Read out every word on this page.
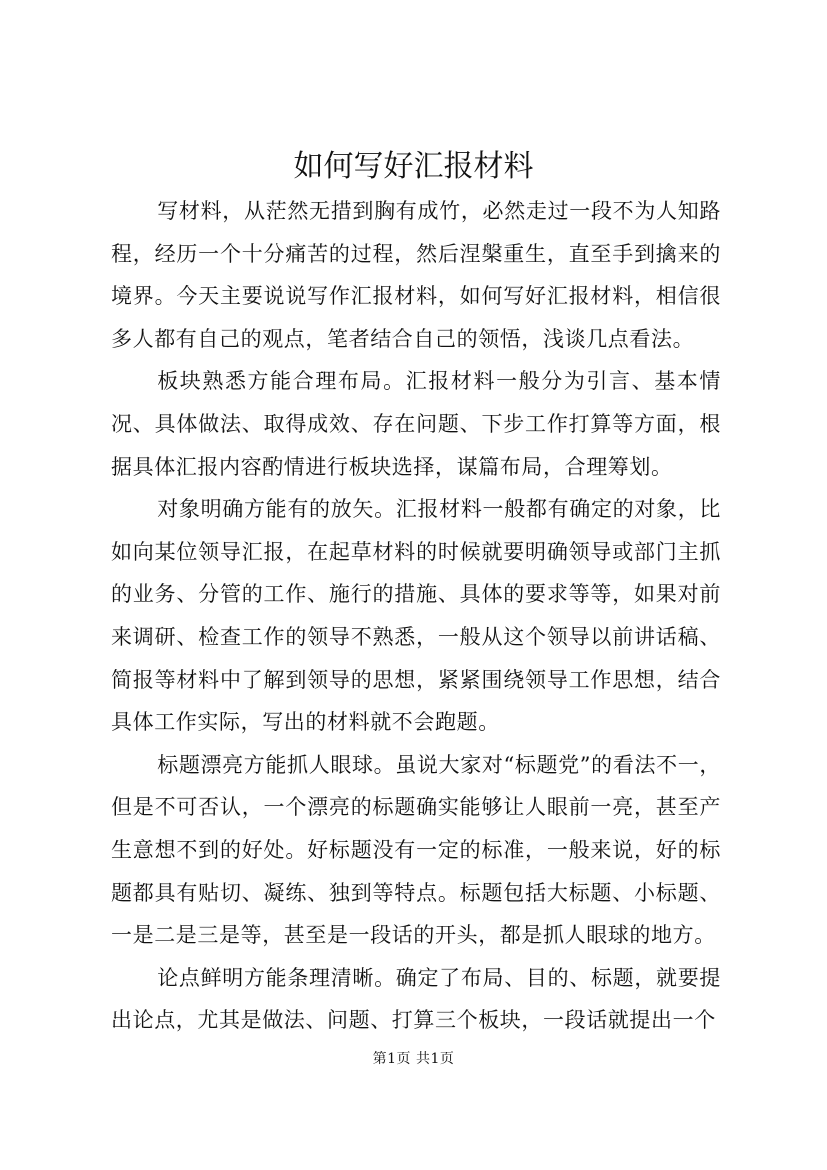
如何写好汇报材料

写材料，从茫然无措到胸有成竹，必然走过一段不为人知路程，经历一个十分痛苦的过程，然后涅槃重生，直至手到擒来的境界。今天主要说说写作汇报材料，如何写好汇报材料，相信很多人都有自己的观点，笔者结合自己的领悟，浅谈几点看法。

板块熟悉方能合理布局。汇报材料一般分为引言、基本情况、具体做法、取得成效、存在问题、下步工作打算等方面，根据具体汇报内容酌情进行板块选择，谋篇布局，合理筹划。

对象明确方能有的放矢。汇报材料一般都有确定的对象，比如向某位领导汇报，在起草材料的时候就要明确领导或部门主抓的业务、分管的工作、施行的措施、具体的要求等等，如果对前来调研、检查工作的领导不熟悉，一般从这个领导以前讲话稿、简报等材料中了解到领导的思想，紧紧围绕领导工作思想，结合具体工作实际，写出的材料就不会跑题。

标题漂亮方能抓人眼球。虽说大家对“标题党”的看法不一，但是不可否认，一个漂亮的标题确实能够让人眼前一亮，甚至产生意想不到的好处。好标题没有一定的标准，一般来说，好的标题都具有贴切、凝练、独到等特点。标题包括大标题、小标题、一是二是三是等，甚至是一段话的开头，都是抓人眼球的地方。

论点鲜明方能条理清晰。确定了布局、目的、标题，就要提出论点，尤其是做法、问题、打算三个板块，一段话就提出一个

第1页 共1页
